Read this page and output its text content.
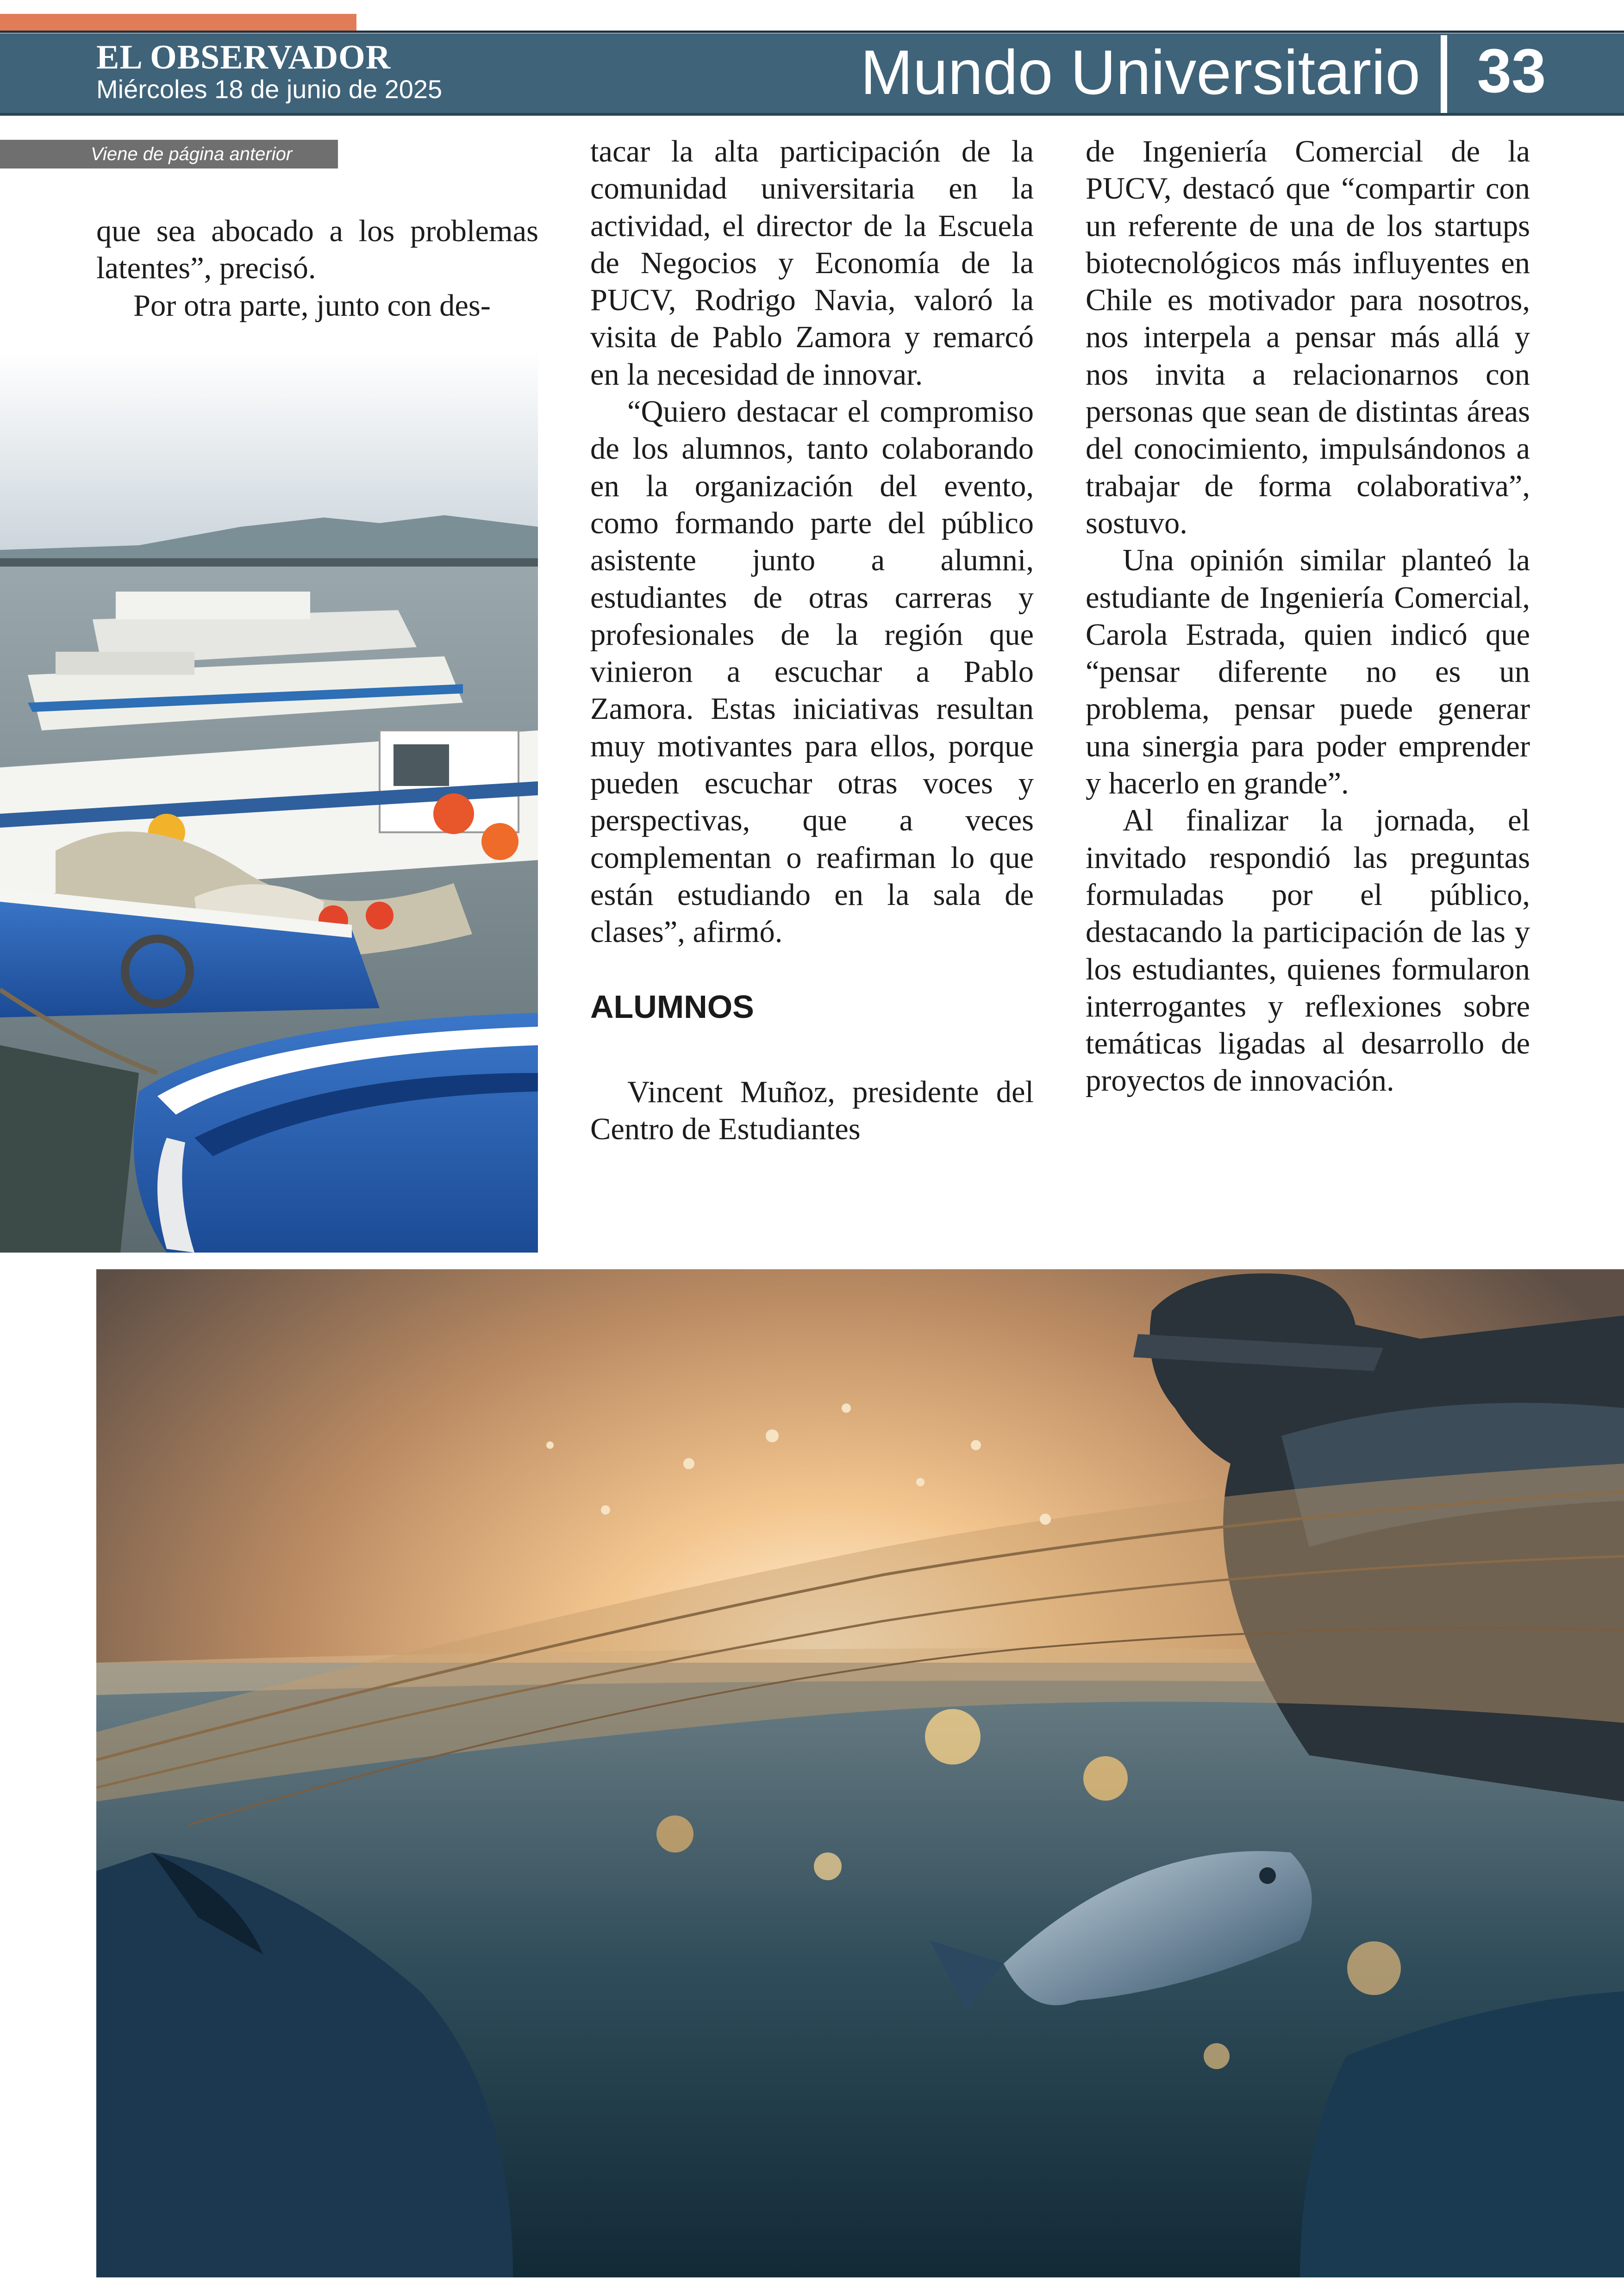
EL OBSERVADOR
Miércoles 18 de junio de 2025	Mundo Universitario 33
Viene de página anterior

que sea abocado a los problemas latentes”, precisó.

Por otra parte, junto con des-

tacar la alta participación de la comunidad universitaria en la actividad, el director de la Escuela de Negocios y Economía de la PUCV, Rodrigo Navia, valoró la visita de Pablo Zamora y remarcó en la necesidad de innovar.

“Quiero destacar el compromiso de los alumnos, tanto colaborando en la organización del evento, como formando parte del público asistente junto a alumni, estudiantes de otras carreras y profesionales de la región que vinieron a escuchar a Pablo Zamora. Estas iniciativas resultan muy motivantes para ellos, porque pueden escuchar otras voces y perspectivas, que a veces complementan o reafirman lo que están estudiando en la sala de clases”, afirmó.

ALUMNOS

Vincent Muñoz, presidente del Centro de Estudiantes

de Ingeniería Comercial de la PUCV, destacó que “compartir con un referente de una de los startups biotecnológicos más influyentes en Chile es motivador para nosotros, nos interpela a pensar más allá y nos invita a relacionarnos con personas que sean de distintas áreas del conocimiento, impulsándonos a trabajar de forma colaborativa”, sostuvo.

Una opinión similar planteó la estudiante de Ingeniería Comercial, Carola Estrada, quien indicó que “pensar diferente no es un problema, pensar puede generar una sinergia para poder emprender y hacerlo en grande”.

Al finalizar la jornada, el invitado respondió las preguntas formuladas por el público, destacando la participación de las y los estudiantes, quienes formularon interrogantes y reflexiones sobre temáticas ligadas al desarrollo de proyectos de innovación.
